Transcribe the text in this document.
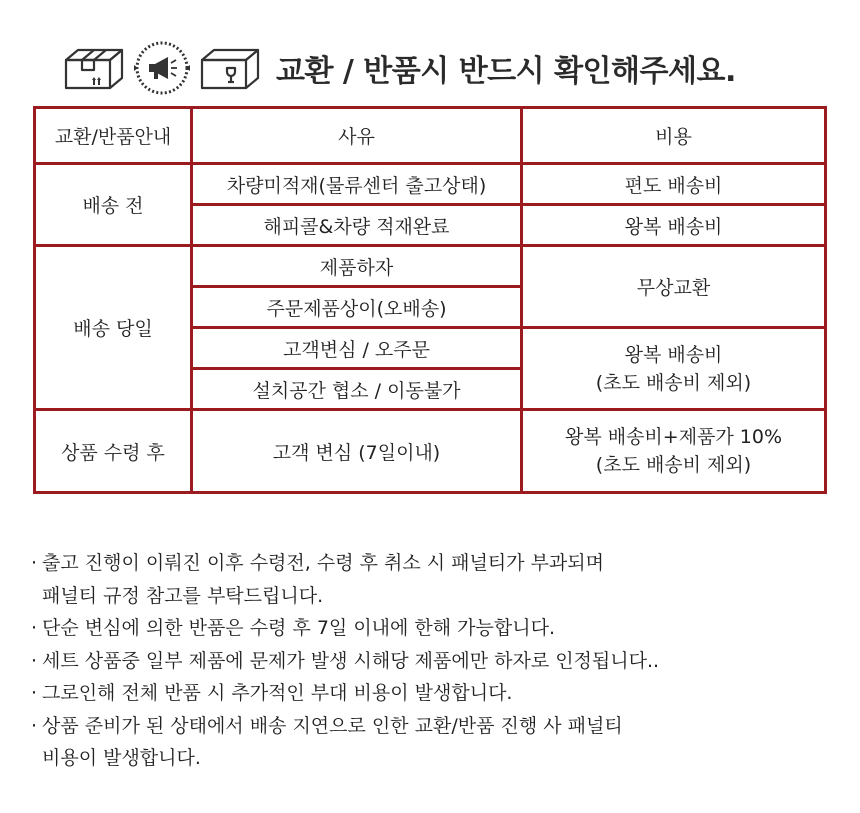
교환 / 반품시 반드시 확인해주세요.
교환/반품안내	사유	비용
배송 전	차량미적재(물류센터 출고상태)	편도 배송비
	해피콜&차량 적재완료	왕복 배송비
배송 당일	제품하자	무상교환
	주문제품상이(오배송)	
	고객변심 / 오주문	왕복 배송비
(초도 배송비 제외)
	설치공간 협소 / 이동불가	
상품 수령 후	고객 변심 (7일이내)	왕복 배송비+제품가 10%
(초도 배송비 제외)
· 출고 진행이 이뤄진 이후 수령전, 수령 후 취소 시 패널티가 부과되며
패널티 규정 참고를 부탁드립니다.
· 단순 변심에 의한 반품은 수령 후 7일 이내에 한해 가능합니다.
· 세트 상품중 일부 제품에 문제가 발생 시해당 제품에만 하자로 인정됩니다..
· 그로인해 전체 반품 시 추가적인 부대 비용이 발생합니다.
· 상품 준비가 된 상태에서 배송 지연으로 인한 교환/반품 진행 사 패널티
비용이 발생합니다.
